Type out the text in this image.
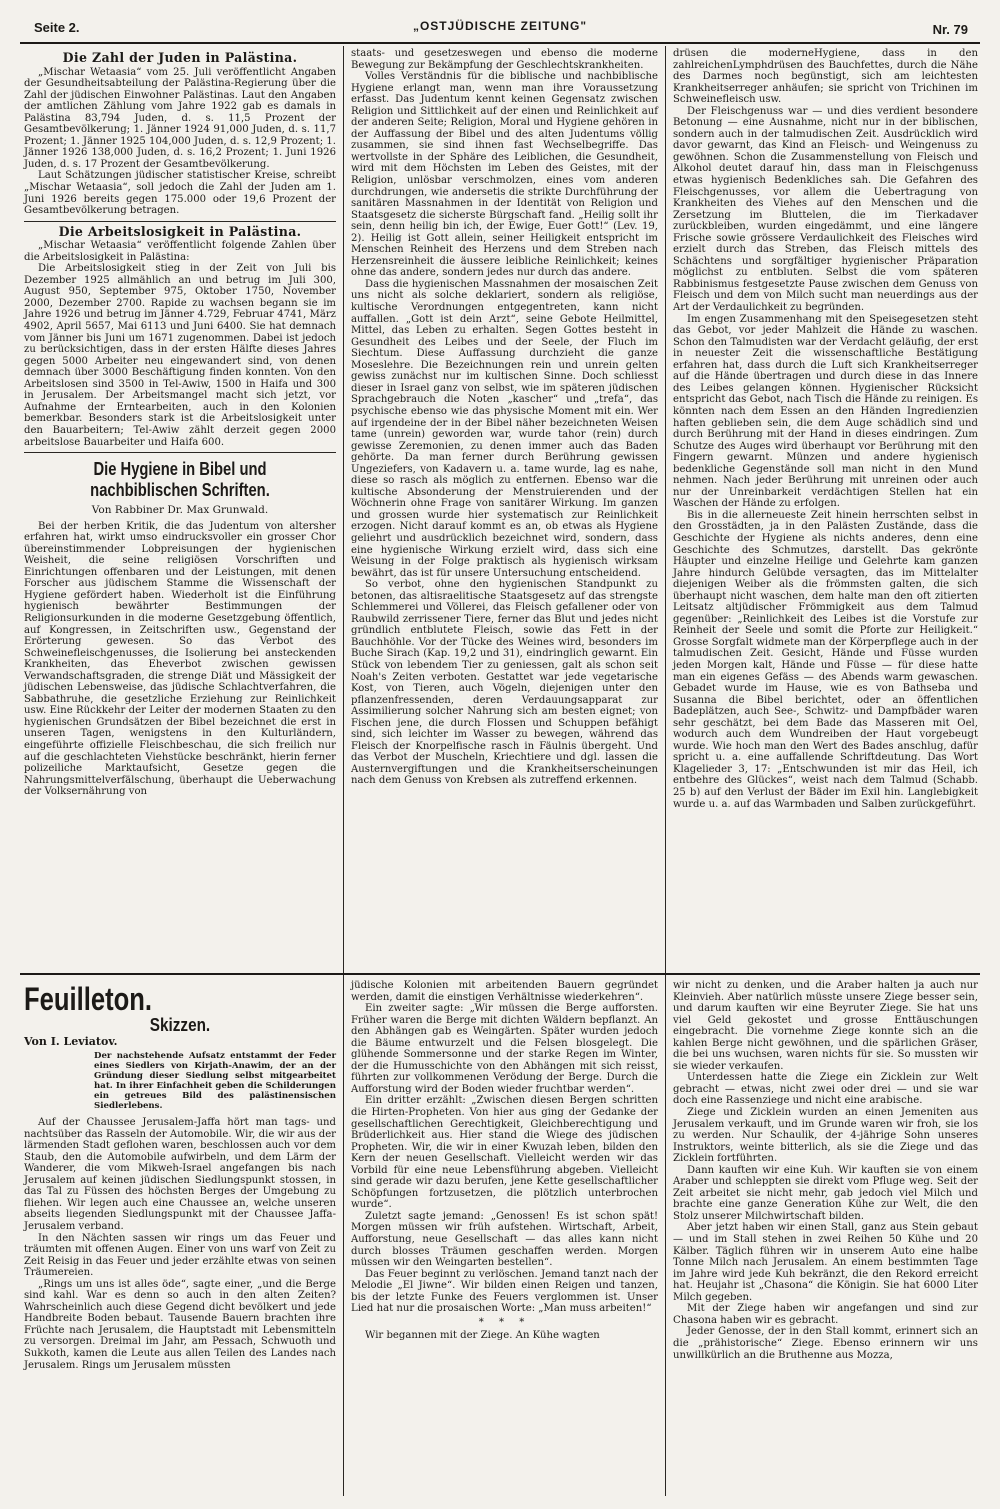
Seite 2.	„OSTJÜDISCHE ZEITUNG"	Nr. 79
Die Zahl der Juden in Palästina.

„Mischar Wetaasia“ vom 25. Juli veröffentlicht Angaben der Gesundheitsabteilung der Palästina-Regierung über die Zahl der jüdischen Einwohner Palästinas. Laut den Angaben der amtlichen Zählung vom Jahre 1922 gab es damals in Palästina 83,794 Juden, d. s. 11,5 Prozent der Gesamtbevölkerung; 1. Jänner 1924 91,000 Juden, d. s. 11,7 Prozent; 1. Jänner 1925 104,000 Juden, d. s. 12,9 Prozent; 1. Jänner 1926 138,000 Juden, d. s. 16,2 Prozent; 1. Juni 1926 Juden, d. s. 17 Prozent der Gesamtbevölkerung.

Laut Schätzungen jüdischer statistischer Kreise, schreibt „Mischar Wetaasia“, soll jedoch die Zahl der Juden am 1. Juni 1926 bereits gegen 175.000 oder 19,6 Prozent der Gesamtbevölkerung betragen.

Die Arbeitslosigkeit in Palästina.

„Mischar Wetaasia“ veröffentlicht folgende Zahlen über die Arbeitslosigkeit in Palästina:

Die Arbeitslosigkeit stieg in der Zeit von Juli bis Dezember 1925 allmählich an und betrug im Juli 300, August 950, September 975, Oktober 1750, November 2000, Dezember 2700. Rapide zu wachsen begann sie im Jahre 1926 und betrug im Jänner 4.729, Februar 4741, März 4902, April 5657, Mai 6113 und Juni 6400. Sie hat demnach vom Jänner bis Juni um 1671 zugenommen. Dabei ist jedoch zu berücksichtigen, dass in der ersten Hälfte dieses Jahres gegen 5000 Arbeiter neu eingewandert sind, von denen demnach über 3000 Beschäftigung finden konnten. Von den Arbeitslosen sind 3500 in Tel-Awiw, 1500 in Haifa und 300 in Jerusalem. Der Arbeitsmangel macht sich jetzt, vor Aufnahme der Erntearbeiten, auch in den Kolonien bemerkbar. Besonders stark ist die Arbeitslosigkeit unter den Bauarbeitern; Tel-Awiw zählt derzeit gegen 2000 arbeitslose Bauarbeiter und Haifa 600.

Die Hygiene in Bibel und nachbiblischen Schriften.
Von Rabbiner Dr. Max Grunwald.

Bei der herben Kritik, die das Judentum von altersher erfahren hat, wirkt umso eindrucksvoller ein grosser Chor übereinstimmender Lobpreisungen der hygienischen Weisheit, die seine religiösen Vorschriften und Einrichtungen offenbaren und der Leistungen, mit denen Forscher aus jüdischem Stamme die Wissenschaft der Hygiene gefördert haben. Wiederholt ist die Einführung hygienisch bewährter Bestimmungen der Religionsurkunden in die moderne Gesetzgebung öffentlich, auf Kongressen, in Zeitschriften usw., Gegenstand der Erörterung gewesen. So das Verbot des Schweinefleischgenusses, die Isolierung bei ansteckenden Krankheiten, das Eheverbot zwischen gewissen Verwandschaftsgraden, die strenge Diät und Mässigkeit der jüdischen Lebensweise, das jüdische Schlachtverfahren, die Sabbathruhe, die gesetzliche Erziehung zur Reinlichkeit usw. Eine Rückkehr der Leiter der modernen Staaten zu den hygienischen Grundsätzen der Bibel bezeichnet die erst in unseren Tagen, wenigstens in den Kulturländern, eingeführte offizielle Fleischbeschau, die sich freilich nur auf die geschlachteten Viehstücke beschränkt, hierin ferner polizeiliche Marktaufsicht, Gesetze gegen die Nahrungsmittelverfälschung, überhaupt die Ueberwachung der Volksernährung von

staats- und gesetzeswegen und ebenso die moderne Bewegung zur Bekämpfung der Geschlechtskrankheiten.

Volles Verständnis für die biblische und nachbiblische Hygiene erlangt man, wenn man ihre Voraussetzung erfasst. Das Judentum kennt keinen Gegensatz zwischen Religion und Sittlichkeit auf der einen und Reinlichkeit auf der anderen Seite; Religion, Moral und Hygiene gehören in der Auffassung der Bibel und des alten Judentums völlig zusammen, sie sind ihnen fast Wechselbegriffe. Das wertvollste in der Sphäre des Leiblichen, die Gesundheit, wird mit dem Höchsten im Leben des Geistes, mit der Religion, unlösbar verschmolzen, eines vom anderen durchdrungen, wie andersetis die strikte Durchführung der sanitären Massnahmen in der Identität von Religion und Staatsgesetz die sicherste Bürgschaft fand. „Heilig sollt ihr sein, denn heilig bin ich, der Ewige, Euer Gott!“ (Lev. 19, 2). Heilig ist Gott allein, seiner Heiligkeit entspricht im Menschen Reinheit des Herzens und dem Streben nach Herzensreinheit die äussere leibliche Reinlichkeit; keines ohne das andere, sondern jedes nur durch das andere.

Dass die hygienischen Massnahmen der mosaischen Zeit uns nicht als solche deklariert, sondern als religiöse, kultische Verordnungen entgegentreten, kann nicht auffallen. „Gott ist dein Arzt“, seine Gebote Heilmittel, Mittel, das Leben zu erhalten. Segen Gottes besteht in Gesundheit des Leibes und der Seele, der Fluch im Siechtum. Diese Auffassung durchzieht die ganze Moseslehre. Die Bezeichnungen rein und unrein gelten gewiss zunächst nur im kultischen Sinne. Doch schliesst dieser in Israel ganz von selbst, wie im späteren jüdischen Sprachgebrauch die Noten „kascher“ und „trefa“, das psychische ebenso wie das physische Moment mit ein. Wer auf irgendeine der in der Bibel näher bezeichneten Weisen tame (unrein) geworden war, wurde tahor (rein) durch gewisse Zeremonien, zu denen immer auch das Baden gehörte. Da man ferner durch Berührung gewissen Ungeziefers, von Kadavern u. a. tame wurde, lag es nahe, diese so rasch als möglich zu entfernen. Ebenso war die kultische Absonderung der Menstruierenden und der Wöchnerin ohne Frage von sanitärer Wirkung. Im ganzen und grossen wurde hier systematisch zur Reinlichkeit erzogen. Nicht darauf kommt es an, ob etwas als Hygiene geliehrt und ausdrücklich bezeichnet wird, sondern, dass eine hygienische Wirkung erzielt wird, dass sich eine Weisung in der Folge praktisch als hygienisch wirksam bewährt, das ist für unsere Untersuchung entscheidend.

So verbot, ohne den hygienischen Standpunkt zu betonen, das altisraelitische Staatsgesetz auf das strengste Schlemmerei und Völlerei, das Fleisch gefallener oder von Raubwild zerrissener Tiere, ferner das Blut und jedes nicht gründlich entblutete Fleisch, sowie das Fett in der Bauchhöhle. Vor der Tücke des Weines wird, besonders im Buche Sirach (Kap. 19,2 und 31), eindringlich gewarnt. Ein Stück von lebendem Tier zu geniessen, galt als schon seit Noah's Zeiten verboten. Gestattet war jede vegetarische Kost, von Tieren, auch Vögeln, diejenigen unter den pflanzenfressenden, deren Verdauungsapparat zur Assimilierung solcher Nahrung sich am besten eignet; von Fischen jene, die durch Flossen und Schuppen befähigt sind, sich leichter im Wasser zu bewegen, während das Fleisch der Knorpelfische rasch in Fäulnis übergeht. Und das Verbot der Muscheln, Kriechtiere und dgl. lassen die Austernvergiftungen und die Krankheitserscheinungen nach dem Genuss von Krebsen als zutreffend erkennen.

drüsen die moderneHygiene, dass in den zahlreichenLymphdrüsen des Bauchfettes, durch die Nähe des Darmes noch begünstigt, sich am leichtesten Krankheitserreger anhäufen; sie spricht von Trichinen im Schweinefleisch usw.

Der Fleischgenuss war — und dies verdient besondere Betonung — eine Ausnahme, nicht nur in der biblischen, sondern auch in der talmudischen Zeit. Ausdrücklich wird davor gewarnt, das Kind an Fleisch- und Weingenuss zu gewöhnen. Schon die Zusammenstellung von Fleisch und Alkohol deutet darauf hin, dass man in Fleischgenuss etwas hygienisch Bedenkliches sah. Die Gefahren des Fleischgenusses, vor allem die Uebertragung von Krankheiten des Viehes auf den Menschen und die Zersetzung im Bluttelen, die im Tierkadaver zurückbleiben, wurden eingedämmt, und eine längere Frische sowie grössere Verdaulichkeit des Fleisches wird erzielt durch das Streben, das Fleisch mittels des Schächtens und sorgfältiger hygienischer Präparation möglichst zu entbluten. Selbst die vom späteren Rabbinismus festgesetzte Pause zwischen dem Genuss von Fleisch und dem von Milch sucht man neuerdings aus der Art der Verdaulichkeit zu begründen.

Im engen Zusammenhang mit den Speisegesetzen steht das Gebot, vor jeder Mahlzeit die Hände zu waschen. Schon den Talmudisten war der Verdacht geläufig, der erst in neuester Zeit die wissenschaftliche Bestätigung erfahren hat, dass durch die Luft sich Krankheitserreger auf die Hände übertragen und durch diese in das Innere des Leibes gelangen können. Hygienischer Rücksicht entspricht das Gebot, nach Tisch die Hände zu reinigen. Es könnten nach dem Essen an den Händen Ingredienzien haften geblieben sein, die dem Auge schädlich sind und durch Berührung mit der Hand in dieses eindringen. Zum Schutze des Auges wird überhaupt vor Berührung mit den Fingern gewarnt. Münzen und andere hygienisch bedenkliche Gegenstände soll man nicht in den Mund nehmen. Nach jeder Berührung mit unreinen oder auch nur der Unreinbarkeit verdächtigen Stellen hat ein Waschen der Hände zu erfolgen.

Bis in die allerneueste Zeit hinein herrschten selbst in den Grosstädten, ja in den Palästen Zustände, dass die Geschichte der Hygiene als nichts anderes, denn eine Geschichte des Schmutzes, darstellt. Das gekrönte Häupter und einzelne Heilige und Gelehrte kam ganzen Jahre hindurch Gelübde versagten, das im Mittelalter diejenigen Weiber als die frömmsten galten, die sich überhaupt nicht waschen, dem halte man den oft zitierten Leitsatz altjüdischer Frömmigkeit aus dem Talmud gegenüber: „Reinlichkeit des Leibes ist die Vorstufe zur Reinheit der Seele und somit die Pforte zur Heiligkeit.“ Grosse Sorgfalt widmete man der Körperpflege auch in der talmudischen Zeit. Gesicht, Hände und Füsse wurden jeden Morgen kalt, Hände und Füsse — für diese hatte man ein eigenes Gefäss — des Abends warm gewaschen. Gebadet wurde im Hause, wie es von Bathseba und Susanna die Bibel berichtet, oder an öffentlichen Badeplätzen, auch See-, Schwitz- und Dampfbäder waren sehr geschätzt, bei dem Bade das Masseren mit Oel, wodurch auch dem Wundreiben der Haut vorgebeugt wurde. Wie hoch man den Wert des Bades anschlug, dafür spricht u. a. eine auffallende Schriftdeutung. Das Wort Klagelieder 3, 17: „Entschwunden ist mir das Heil, ich entbehre des Glückes“, weist nach dem Talmud (Schabb. 25 b) auf den Verlust der Bäder im Exil hin. Langlebigkeit wurde u. a. auf das Warmbaden und Salben zurückgeführt.

Feuilleton.
Skizzen.
Von I. Leviatov.
Der nachstehende Aufsatz entstammt der Feder eines Siedlers von Kirjath-Anawim, der an der Gründung dieser Siedlung selbst mitgearbeitet hat. In ihrer Einfachheit geben die Schilderungen ein getreues Bild des palästinensischen Siedlerlebens.

Auf der Chaussee Jerusalem-Jaffa hört man tags- und nachtsüber das Rasseln der Automobile. Wir, die wir aus der lärmenden Stadt geflohen waren, beschlossen auch vor dem Staub, den die Automobile aufwirbeln, und dem Lärm der Wanderer, die vom Mikweh-Israel angefangen bis nach Jerusalem auf keinen jüdischen Siedlungspunkt stossen, in das Tal zu Füssen des höchsten Berges der Umgebung zu fliehen. Wir legen auch eine Chaussee an, welche unseren abseits liegenden Siedlungspunkt mit der Chaussee Jaffa-Jerusalem verband.

In den Nächten sassen wir rings um das Feuer und träumten mit offenen Augen. Einer von uns warf von Zeit zu Zeit Reisig in das Feuer und jeder erzählte etwas von seinen Träumereien.

„Rings um uns ist alles öde“, sagte einer, „und die Berge sind kahl. War es denn so auch in den alten Zeiten? Wahrscheinlich auch diese Gegend dicht bevölkert und jede Handbreite Boden bebaut. Tausende Bauern brachten ihre Früchte nach Jerusalem, die Hauptstadt mit Lebensmitteln zu versorgen. Dreimal im Jahr, am Pessach, Schwuoth und Sukkoth, kamen die Leute aus allen Teilen des Landes nach Jerusalem. Rings um Jerusalem müssten

jüdische Kolonien mit arbeitenden Bauern gegründet werden, damit die einstigen Verhältnisse wiederkehren“.

Ein zweiter sagte: „Wir müssen die Berge aufforsten. Früher waren die Berge mit dichten Wäldern bepflanzt. An den Abhängen gab es Weingärten. Später wurden jedoch die Bäume entwurzelt und die Felsen blosgelegt. Die glühende Sommersonne und der starke Regen im Winter, der die Humusschichte von den Abhängen mit sich reisst, führten zur vollkommenen Verödung der Berge. Durch die Aufforstung wird der Boden wieder fruchtbar werden“.

Ein dritter erzählt: „Zwischen diesen Bergen schritten die Hirten-Propheten. Von hier aus ging der Gedanke der gesellschaftlichen Gerechtigkeit, Gleichberechtigung und Brüderlichkeit aus. Hier stand die Wiege des jüdischen Propheten. Wir, die wir in einer Kwuzah leben, bilden den Kern der neuen Gesellschaft. Vielleicht werden wir das Vorbild für eine neue Lebensführung abgeben. Vielleicht sind gerade wir dazu berufen, jene Kette gesellschaftlicher Schöpfungen fortzusetzen, die plötzlich unterbrochen wurde“.

Zuletzt sagte jemand: „Genossen! Es ist schon spät! Morgen müssen wir früh aufstehen. Wirtschaft, Arbeit, Aufforstung, neue Gesellschaft — das alles kann nicht durch blosses Träumen geschaffen werden. Morgen müssen wir den Weingarten bestellen“.

Das Feuer beginnt zu verlöschen. Jemand tanzt nach der Melodie „El Jiwne“. Wir bilden einen Reigen und tanzen, bis der letzte Funke des Feuers verglommen ist. Unser Lied hat nur die prosaischen Worte: „Man muss arbeiten!“

* * *

Wir begannen mit der Ziege. An Kühe wagten

wir nicht zu denken, und die Araber halten ja auch nur Kleinvieh. Aber natürlich müsste unsere Ziege besser sein, und darum kauften wir eine Beyruter Ziege. Sie hat uns viel Geld gekostet und grosse Enttäuschungen eingebracht. Die vornehme Ziege konnte sich an die kahlen Berge nicht gewöhnen, und die spärlichen Gräser, die bei uns wuchsen, waren nichts für sie. So mussten wir sie wieder verkaufen.

Unterdessen hatte die Ziege ein Zicklein zur Welt gebracht — etwas, nicht zwei oder drei — und sie war doch eine Rassenziege und nicht eine arabische.

Ziege und Zicklein wurden an einen Jemeniten aus Jerusalem verkauft, und im Grunde waren wir froh, sie los zu werden. Nur Schaulik, der 4-jährige Sohn unseres Instruktors, weinte bitterlich, als sie die Ziege und das Zicklein fortführten.

Dann kauften wir eine Kuh. Wir kauften sie von einem Araber und schleppten sie direkt vom Pfluge weg. Seit der Zeit arbeitet sie nicht mehr, gab jedoch viel Milch und brachte eine ganze Generation Kühe zur Welt, die den Stolz unserer Milchwirtschaft bilden.

Aber jetzt haben wir einen Stall, ganz aus Stein gebaut — und im Stall stehen in zwei Reihen 50 Kühe und 20 Kälber. Täglich führen wir in unserem Auto eine halbe Tonne Milch nach Jerusalem. An einem bestimmten Tage im Jahre wird jede Kuh bekränzt, die den Rekord erreicht hat. Heujahr ist „Chasona“ die Königin. Sie hat 6000 Liter Milch gegeben.

Mit der Ziege haben wir angefangen und sind zur Chasona haben wir es gebracht.

Jeder Genosse, der in den Stall kommt, erinnert sich an die „prähistorische“ Ziege. Ebenso erinnern wir uns unwillkürlich an die Bruthenne aus Mozza,
